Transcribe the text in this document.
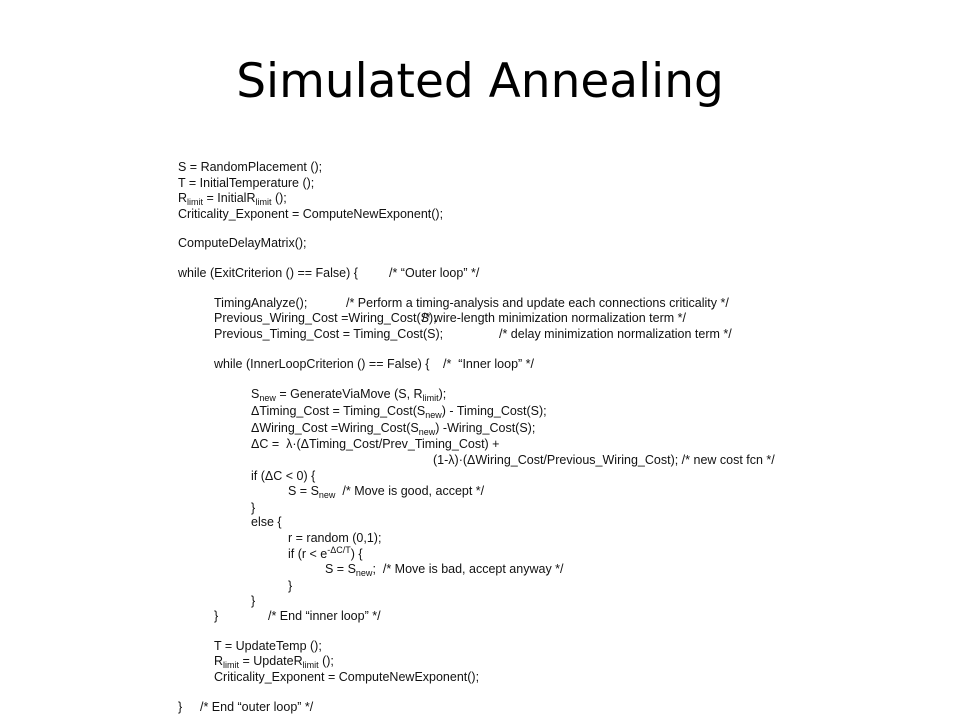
Simulated Annealing
S = RandomPlacement ();
T = InitialTemperature ();
$R_{limit}$ = InitialR$_{limit}$ ();
Criticality_Exponent = ComputeNewExponent();
ComputeDelayMatrix();
while (ExitCriterion () == False) { /* “Outer loop” */
TimingAnalyze();	/* Perform a timing-analysis and update each connections criticality */
Previous_Wiring_Cost =Wiring_Cost(S);
/* wire-length minimization normalization term */
Previous_Timing_Cost = Timing_Cost(S);	/* delay minimization normalization term */
while (InnerLoopCriterion () == False) { /*  “Inner loop” */
$S_{new}$ = GenerateViaMove (S, $R_{limit}$);
ΔTiming_Cost = $Timing\_Cost(S_{new})$ - Timing_Cost(S);
ΔWiring_Cost $=Wiring\_Cost(S_{new})$ -Wiring_Cost(S);
ΔC =  λ·(ΔTiming_Cost/Prev_Timing_Cost) +
(1-λ)·(ΔWiring_Cost/Previous_Wiring_Cost); /* new cost fcn */
if (ΔC < 0) {
$S = S_{new}$  /* Move is good, accept */
}
else {
r = random (0,1);
if $(r < e^{-\Delta C/T})$ {
$S = S_{new}$;  /* Move is bad, accept anyway */
}
}
}	/* End “inner loop” */
T = UpdateTemp ();
$R_{limit}$ = UpdateR$_{limit}$ ();
Criticality_Exponent = ComputeNewExponent();
} /* End “outer loop” */
